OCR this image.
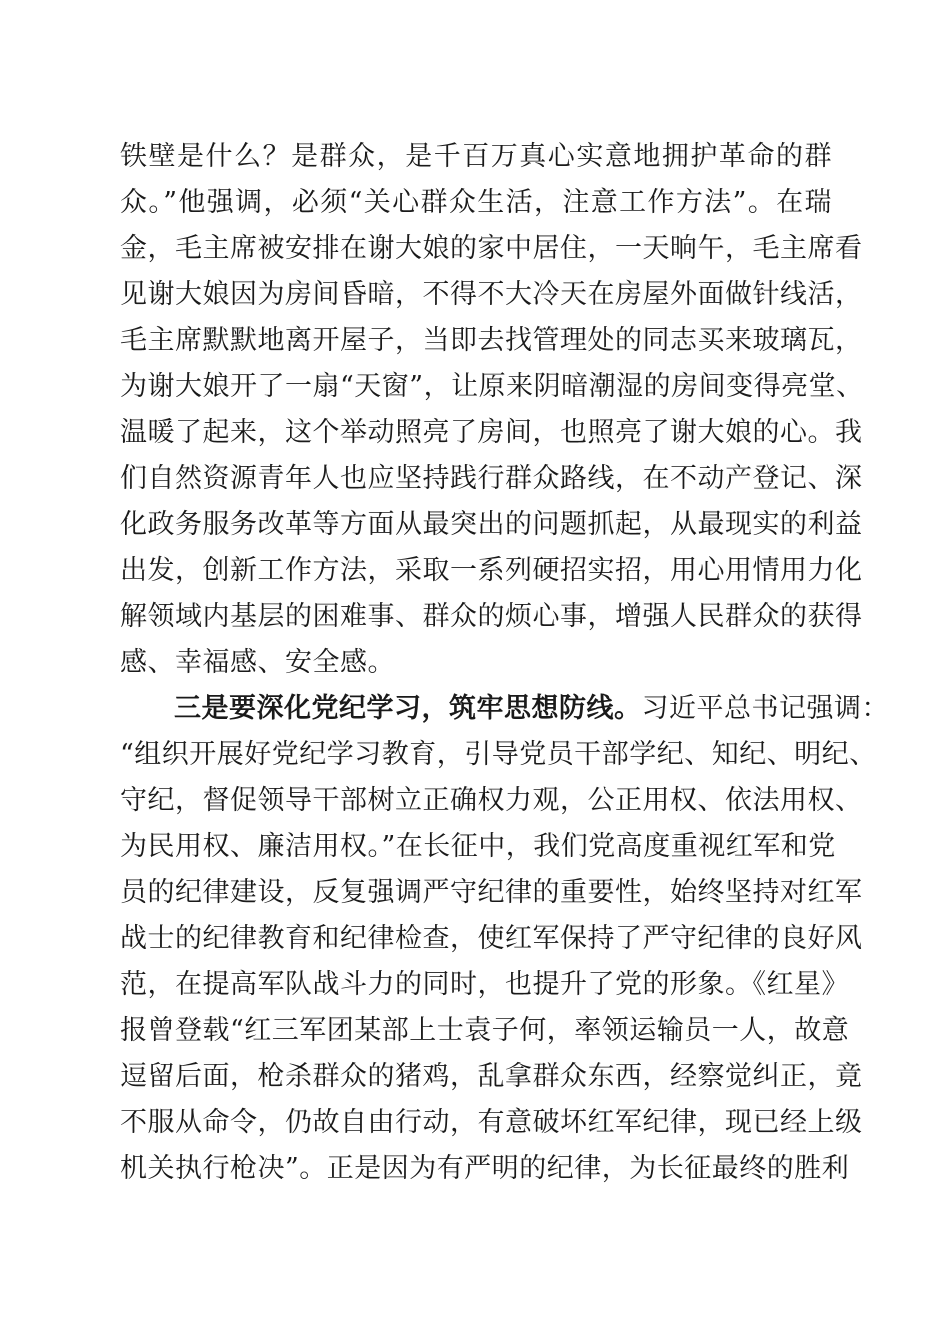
铁壁是什么？是群众，是千百万真心实意地拥护革命的群
众。”他强调，必须“关心群众生活，注意工作方法”。在瑞
金，毛主席被安排在谢大娘的家中居住，一天晌午，毛主席看
见谢大娘因为房间昏暗，不得不大冷天在房屋外面做针线活，
毛主席默默地离开屋子，当即去找管理处的同志买来玻璃瓦，
为谢大娘开了一扇“天窗”，让原来阴暗潮湿的房间变得亮堂、
温暖了起来，这个举动照亮了房间，也照亮了谢大娘的心。我
们自然资源青年人也应坚持践行群众路线，在不动产登记、深
化政务服务改革等方面从最突出的问题抓起，从最现实的利益
出发，创新工作方法，采取一系列硬招实招，用心用情用力化
解领域内基层的困难事、群众的烦心事，增强人民群众的获得
感、幸福感、安全感。
三是要深化党纪学习，筑牢思想防线。习近平总书记强调：
“组织开展好党纪学习教育，引导党员干部学纪、知纪、明纪、
守纪，督促领导干部树立正确权力观，公正用权、依法用权、
为民用权、廉洁用权。”在长征中，我们党高度重视红军和党
员的纪律建设，反复强调严守纪律的重要性，始终坚持对红军
战士的纪律教育和纪律检查，使红军保持了严守纪律的良好风
范，在提高军队战斗力的同时，也提升了党的形象。《红星》
报曾登载“红三军团某部上士袁子何，率领运输员一人，故意
逗留后面，枪杀群众的猪鸡，乱拿群众东西，经察觉纠正，竟
不服从命令，仍故自由行动，有意破坏红军纪律，现已经上级
机关执行枪决”。正是因为有严明的纪律，为长征最终的胜利
